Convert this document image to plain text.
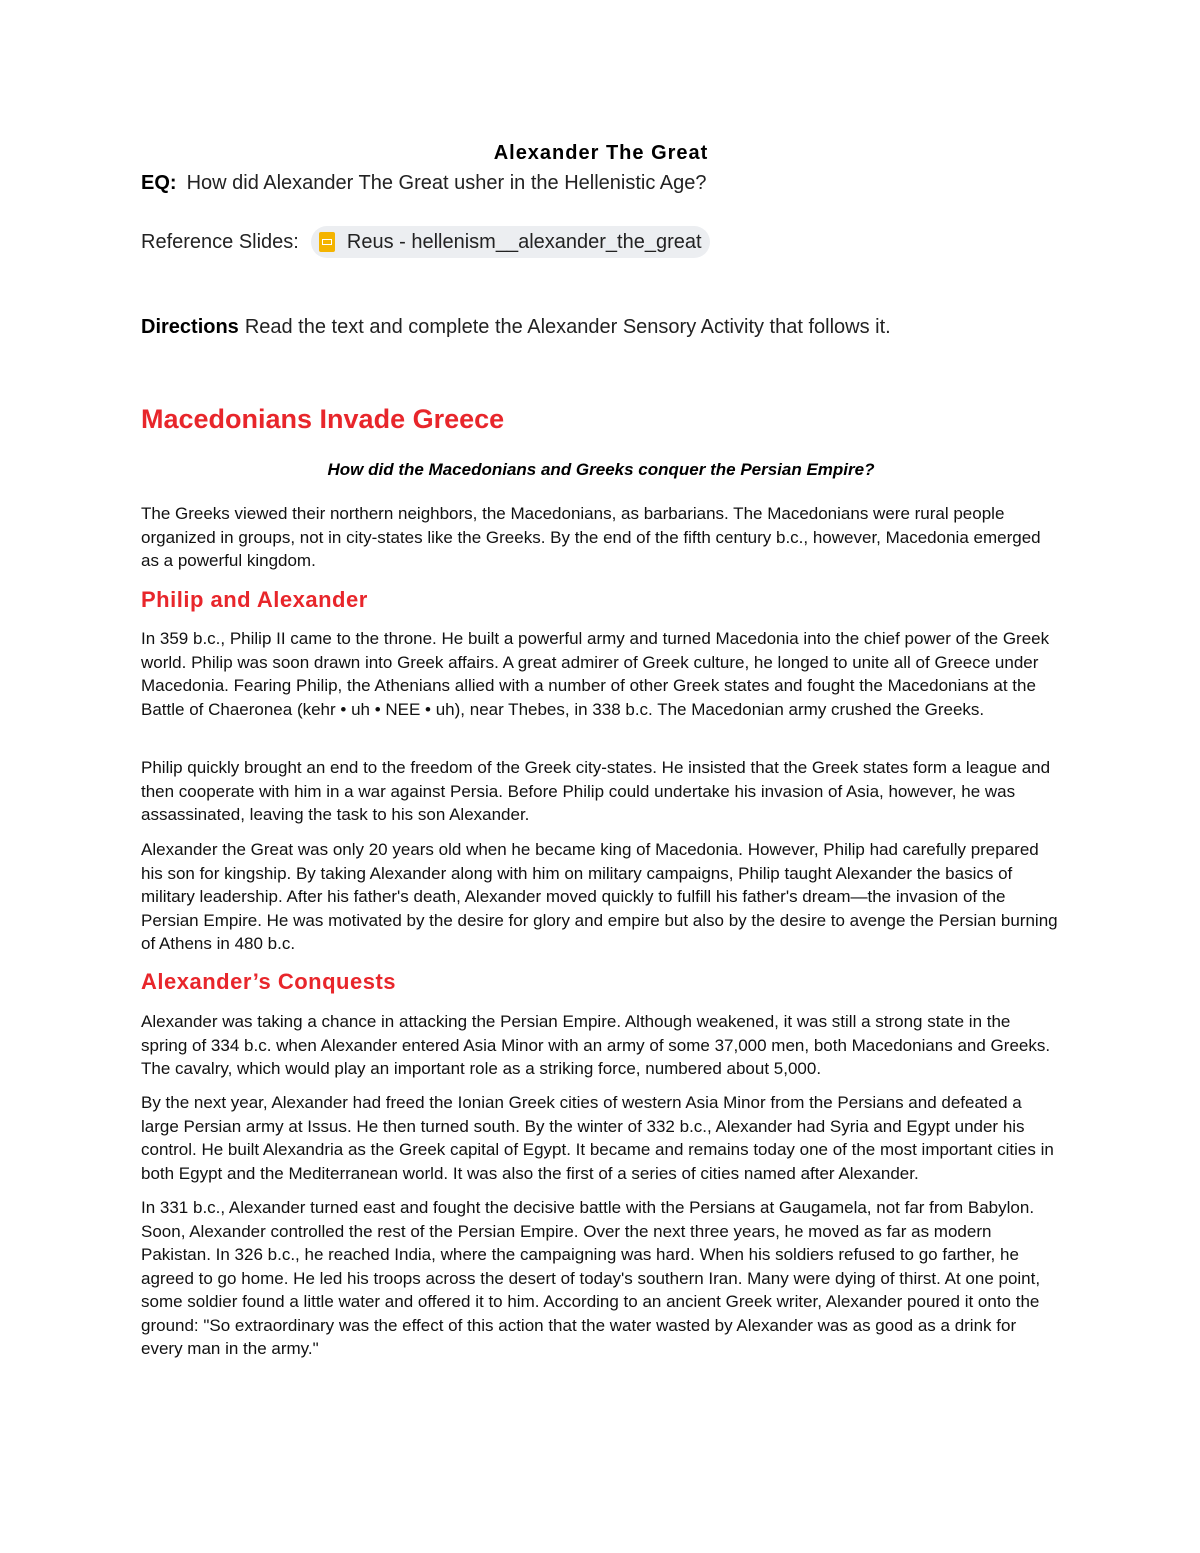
Alexander The Great
EQ: How did Alexander The Great usher in the Hellenistic Age?
Reference Slides: Reus - hellenism__alexander_the_great
Directions Read the text and complete the Alexander Sensory Activity that follows it.
Macedonians Invade Greece
How did the Macedonians and Greeks conquer the Persian Empire?

The Greeks viewed their northern neighbors, the Macedonians, as barbarians. The Macedonians were rural people organized in groups, not in city-states like the Greeks. By the end of the fifth century b.c., however, Macedonia emerged as a powerful kingdom.

Philip and Alexander

In 359 b.c., Philip II came to the throne. He built a powerful army and turned Macedonia into the chief power of the Greek world. Philip was soon drawn into Greek affairs. A great admirer of Greek culture, he longed to unite all of Greece under Macedonia. Fearing Philip, the Athenians allied with a number of other Greek states and fought the Macedonians at the Battle of Chaeronea (kehr • uh • NEE • uh), near Thebes, in 338 b.c. The Macedonian army crushed the Greeks.

Philip quickly brought an end to the freedom of the Greek city-states. He insisted that the Greek states form a league and then cooperate with him in a war against Persia. Before Philip could undertake his invasion of Asia, however, he was assassinated, leaving the task to his son Alexander.

Alexander the Great was only 20 years old when he became king of Macedonia. However, Philip had carefully prepared his son for kingship. By taking Alexander along with him on military campaigns, Philip taught Alexander the basics of military leadership. After his father's death, Alexander moved quickly to fulfill his father's dream—the invasion of the Persian Empire. He was motivated by the desire for glory and empire but also by the desire to avenge the Persian burning of Athens in 480 b.c.

Alexander’s Conquests

Alexander was taking a chance in attacking the Persian Empire. Although weakened, it was still a strong state in the spring of 334 b.c. when Alexander entered Asia Minor with an army of some 37,000 men, both Macedonians and Greeks. The cavalry, which would play an important role as a striking force, numbered about 5,000.

By the next year, Alexander had freed the Ionian Greek cities of western Asia Minor from the Persians and defeated a large Persian army at Issus. He then turned south. By the winter of 332 b.c., Alexander had Syria and Egypt under his control. He built Alexandria as the Greek capital of Egypt. It became and remains today one of the most important cities in both Egypt and the Mediterranean world. It was also the first of a series of cities named after Alexander.

In 331 b.c., Alexander turned east and fought the decisive battle with the Persians at Gaugamela, not far from Babylon. Soon, Alexander controlled the rest of the Persian Empire. Over the next three years, he moved as far as modern Pakistan. In 326 b.c., he reached India, where the campaigning was hard. When his soldiers refused to go farther, he agreed to go home. He led his troops across the desert of today's southern Iran. Many were dying of thirst. At one point, some soldier found a little water and offered it to him. According to an ancient Greek writer, Alexander poured it onto the ground: "So extraordinary was the effect of this action that the water wasted by Alexander was as good as a drink for every man in the army."
